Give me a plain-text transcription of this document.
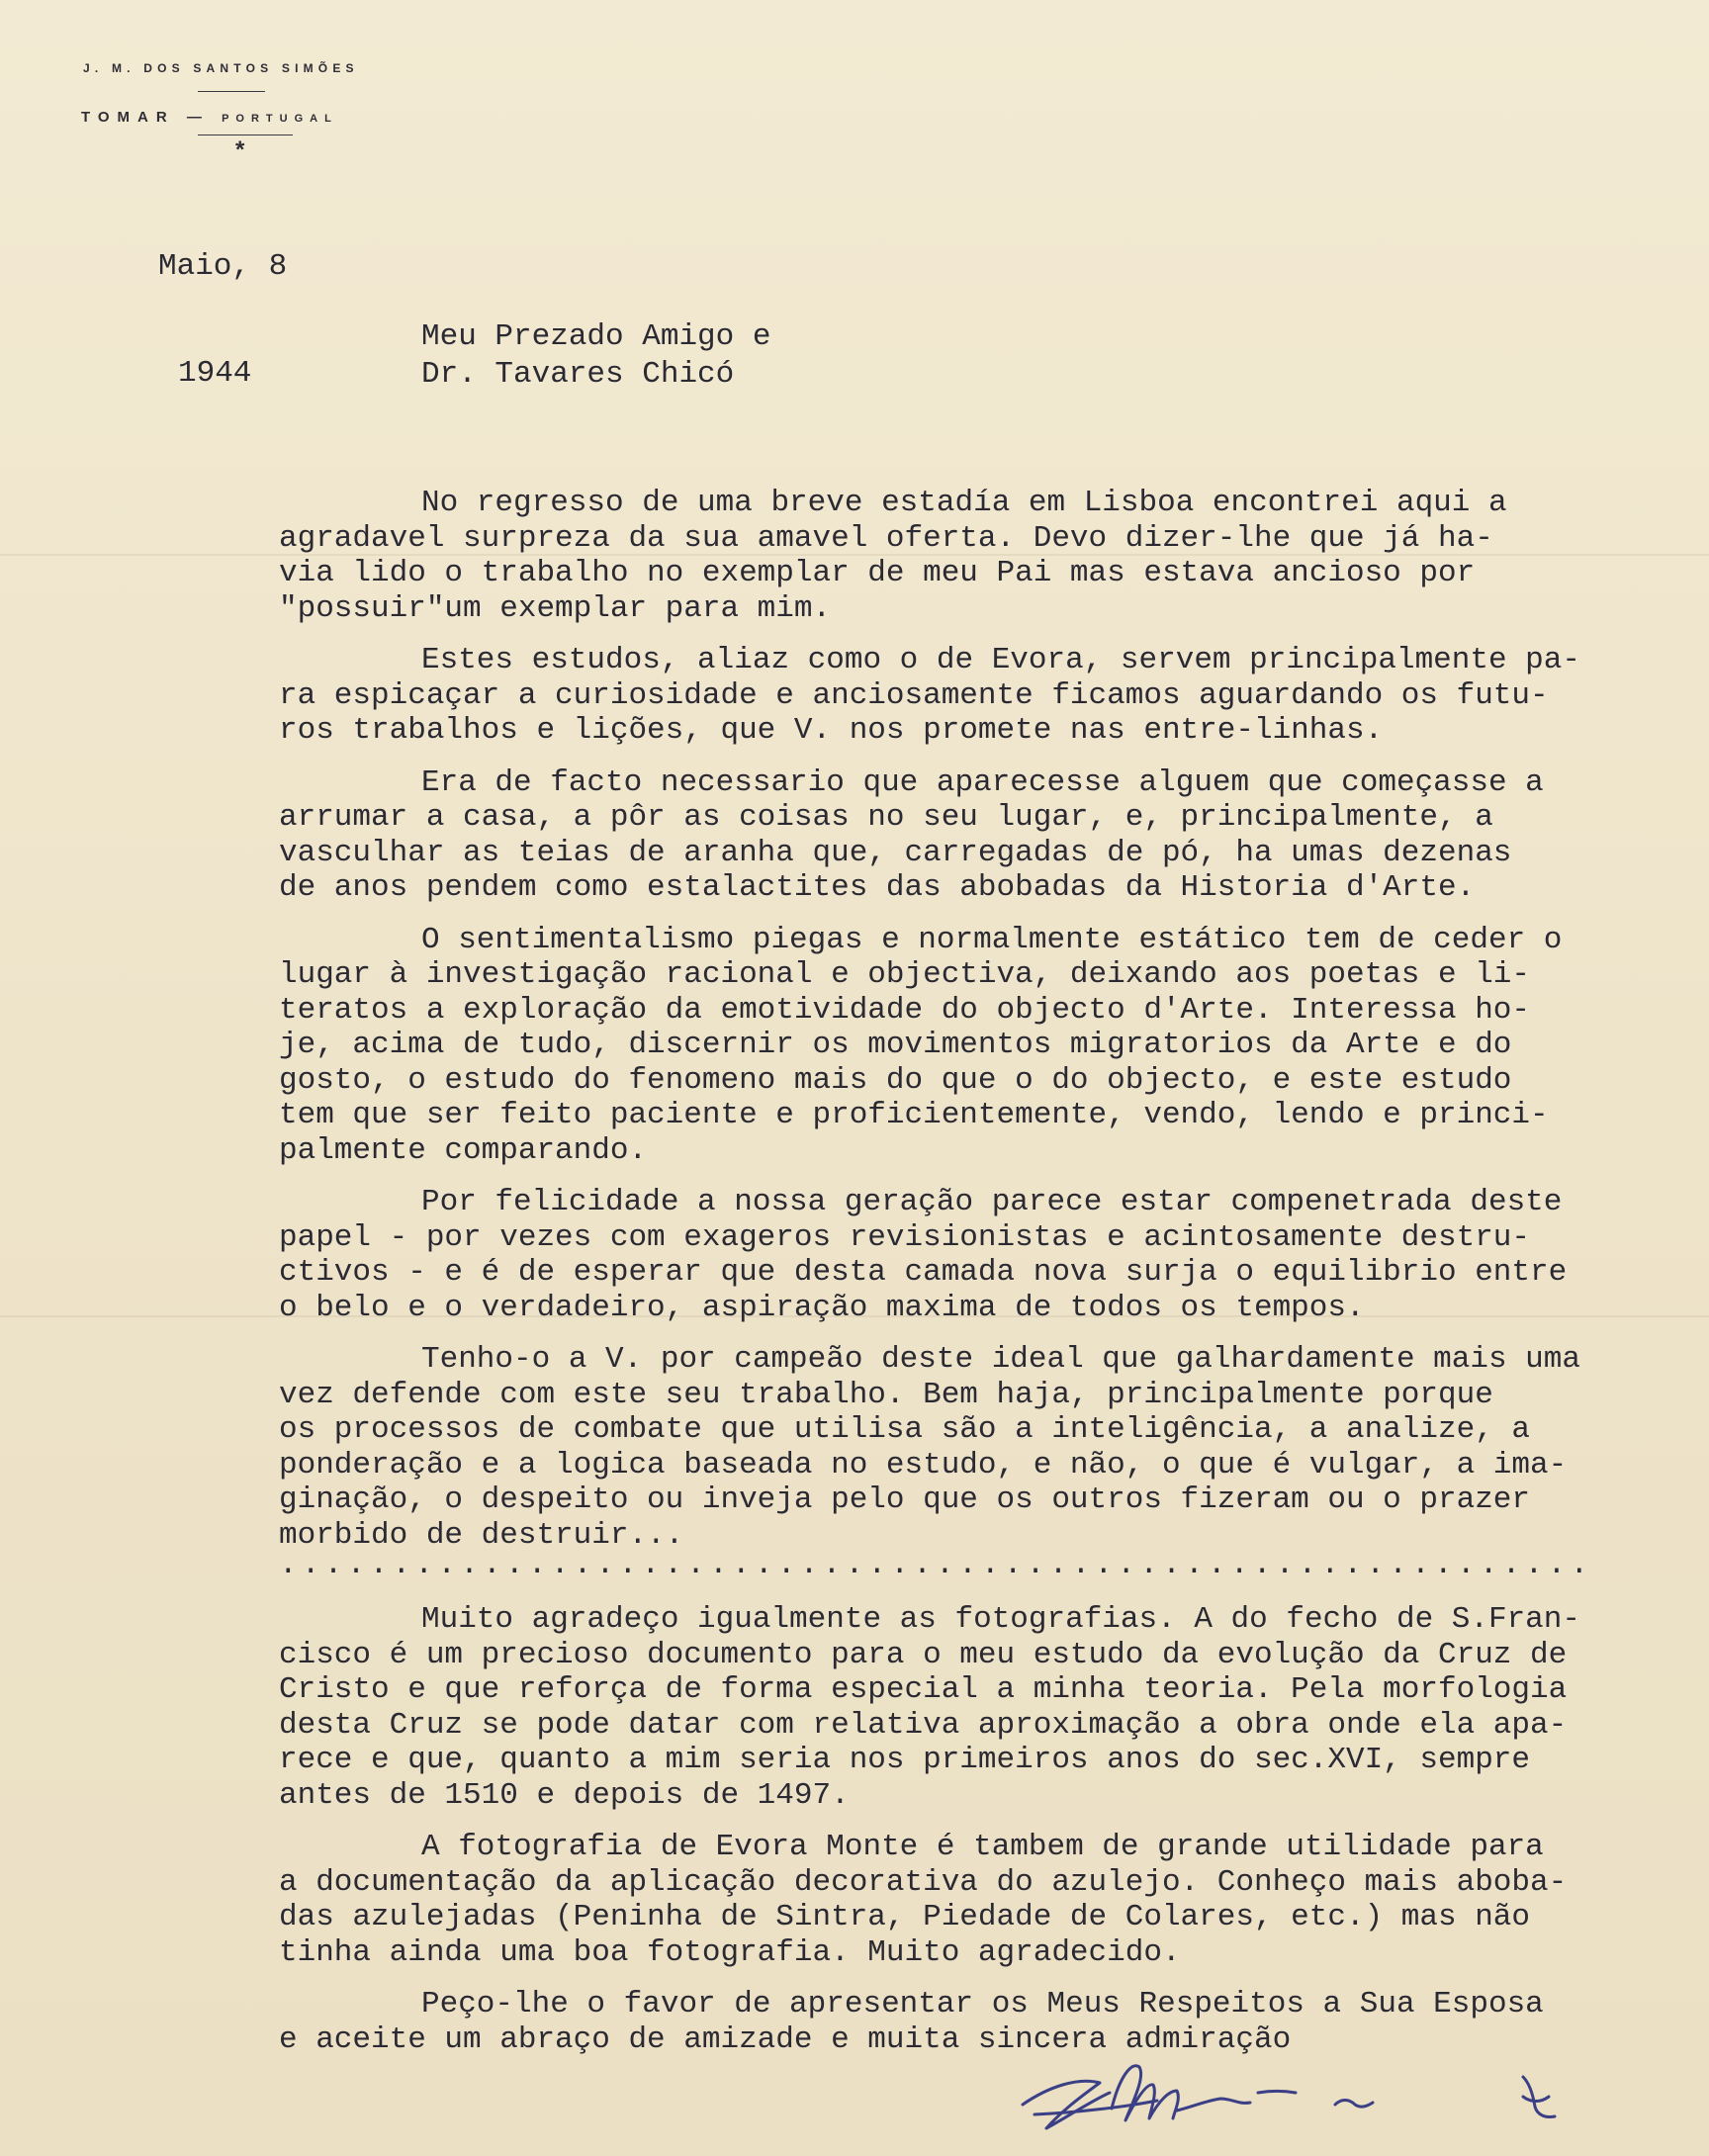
J. M. DOS SANTOS SIMÕES
TOMAR — PORTUGAL
*

Maio, 8

1944

Meu Prezado Amigo e
Dr. Tavares Chicó
No regresso de uma breve estadía em Lisboa encontrei aqui a
agradavel surpreza da sua amavel oferta. Devo dizer-lhe que já ha-
via lido o trabalho no exemplar de meu Pai mas estava ancioso por
"possuir"um exemplar para mim.
Estes estudos, aliaz como o de Evora, servem principalmente pa-
ra espicaçar a curiosidade e anciosamente ficamos aguardando os futu-
ros trabalhos e lições, que V. nos promete nas entre-linhas.
Era de facto necessario que aparecesse alguem que começasse a
arrumar a casa, a pôr as coisas no seu lugar, e, principalmente, a
vasculhar as teias de aranha que, carregadas de pó, ha umas dezenas
de anos pendem como estalactites das abobadas da Historia d'Arte.
O sentimentalismo piegas e normalmente estático tem de ceder o
lugar à investigação racional e objectiva, deixando aos poetas e li-
teratos a exploração da emotividade do objecto d'Arte. Interessa ho-
je, acima de tudo, discernir os movimentos migratorios da Arte e do
gosto, o estudo do fenomeno mais do que o do objecto, e este estudo
tem que ser feito paciente e proficientemente, vendo, lendo e princi-
palmente comparando.
Por felicidade a nossa geração parece estar compenetrada deste
papel - por vezes com exageros revisionistas e acintosamente destru-
ctivos - e é de esperar que desta camada nova surja o equilibrio entre
o belo e o verdadeiro, aspiração maxima de todos os tempos.
Tenho-o a V. por campeão deste ideal que galhardamente mais uma
vez defende com este seu trabalho. Bem haja, principalmente porque
os processos de combate que utilisa são a inteligência, a analize, a
ponderação e a logica baseada no estudo, e não, o que é vulgar, a ima-
ginação, o despeito ou inveja pelo que os outros fizeram ou o prazer
morbido de destruir...
..........................................................
Muito agradeço igualmente as fotografias. A do fecho de S.Fran-
cisco é um precioso documento para o meu estudo da evolução da Cruz de
Cristo e que reforça de forma especial a minha teoria. Pela morfologia
desta Cruz se pode datar com relativa aproximação a obra onde ela apa-
rece e que, quanto a mim seria nos primeiros anos do sec.XVI, sempre
antes de 1510 e depois de 1497.
A fotografia de Evora Monte é tambem de grande utilidade para
a documentação da aplicação decorativa do azulejo. Conheço mais aboba-
das azulejadas (Peninha de Sintra, Piedade de Colares, etc.) mas não
tinha ainda uma boa fotografia. Muito agradecido.
Peço-lhe o favor de apresentar os Meus Respeitos a Sua Esposa
e aceite um abraço de amizade e muita sincera admiração
